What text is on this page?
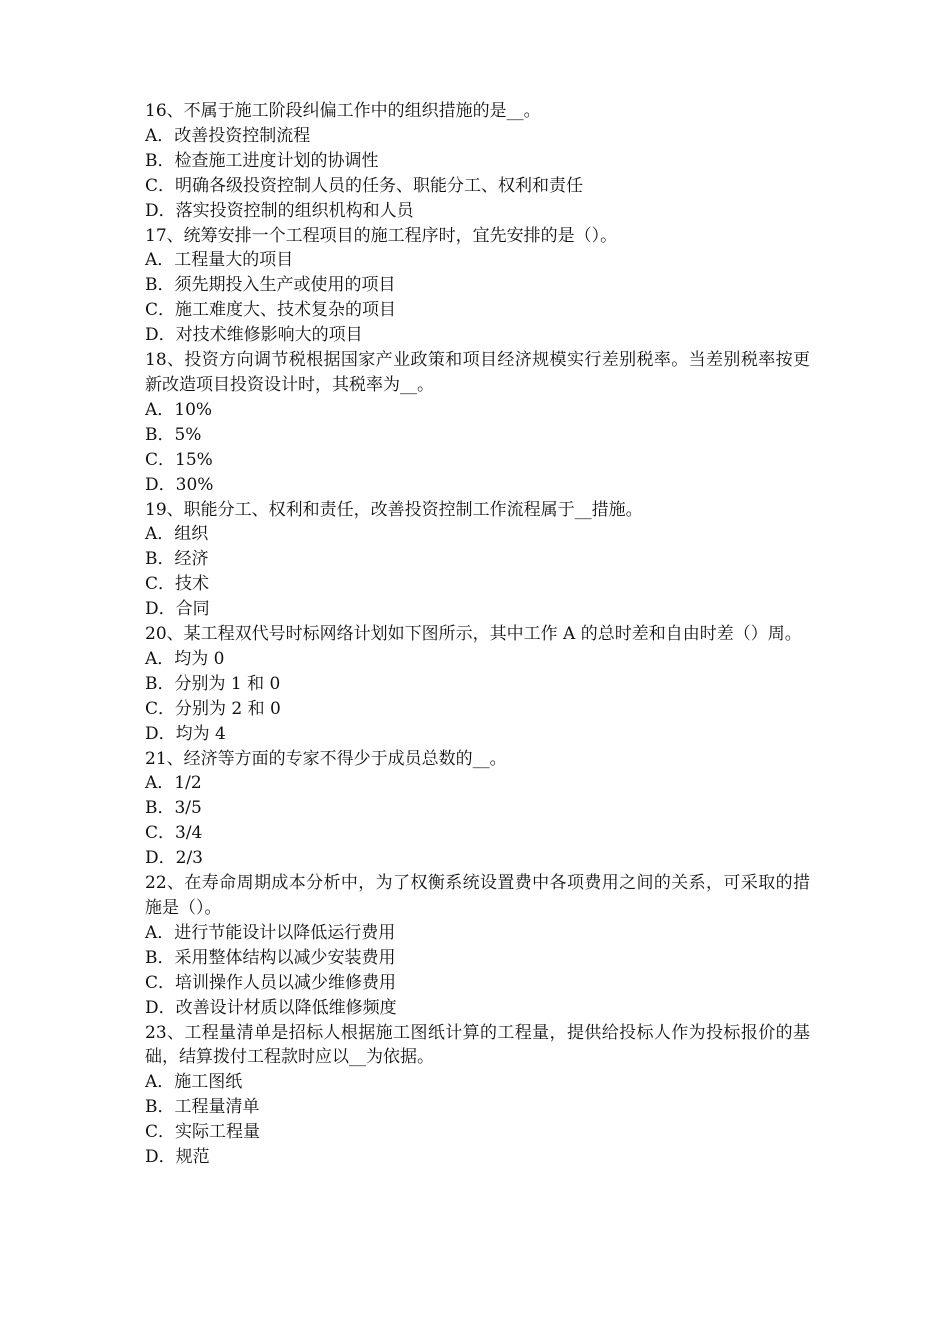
16、不属于施工阶段纠偏工作中的组织措施的是__。
A．改善投资控制流程
B．检查施工进度计划的协调性
C．明确各级投资控制人员的任务、职能分工、权利和责任
D．落实投资控制的组织机构和人员
17、统筹安排一个工程项目的施工程序时，宜先安排的是（）。
A．工程量大的项目
B．须先期投入生产或使用的项目
C．施工难度大、技术复杂的项目
D．对技术维修影响大的项目
18、投资方向调节税根据国家产业政策和项目经济规模实行差别税率。当差别税率按更新改造项目投资设计时，其税率为__。
A．10%
B．5%
C．15%
D．30%
19、职能分工、权利和责任，改善投资控制工作流程属于__措施。
A．组织
B．经济
C．技术
D．合同
20、某工程双代号时标网络计划如下图所示，其中工作 A 的总时差和自由时差（）周。
A．均为 0
B．分别为 1 和 0
C．分别为 2 和 0
D．均为 4
21、经济等方面的专家不得少于成员总数的__。
A．1/2
B．3/5
C．3/4
D．2/3
22、在寿命周期成本分析中，为了权衡系统设置费中各项费用之间的关系，可采取的措施是（）。
A．进行节能设计以降低运行费用
B．采用整体结构以减少安装费用
C．培训操作人员以减少维修费用
D．改善设计材质以降低维修频度
23、工程量清单是招标人根据施工图纸计算的工程量，提供给投标人作为投标报价的基础，结算拨付工程款时应以__为依据。
A．施工图纸
B．工程量清单
C．实际工程量
D．规范
